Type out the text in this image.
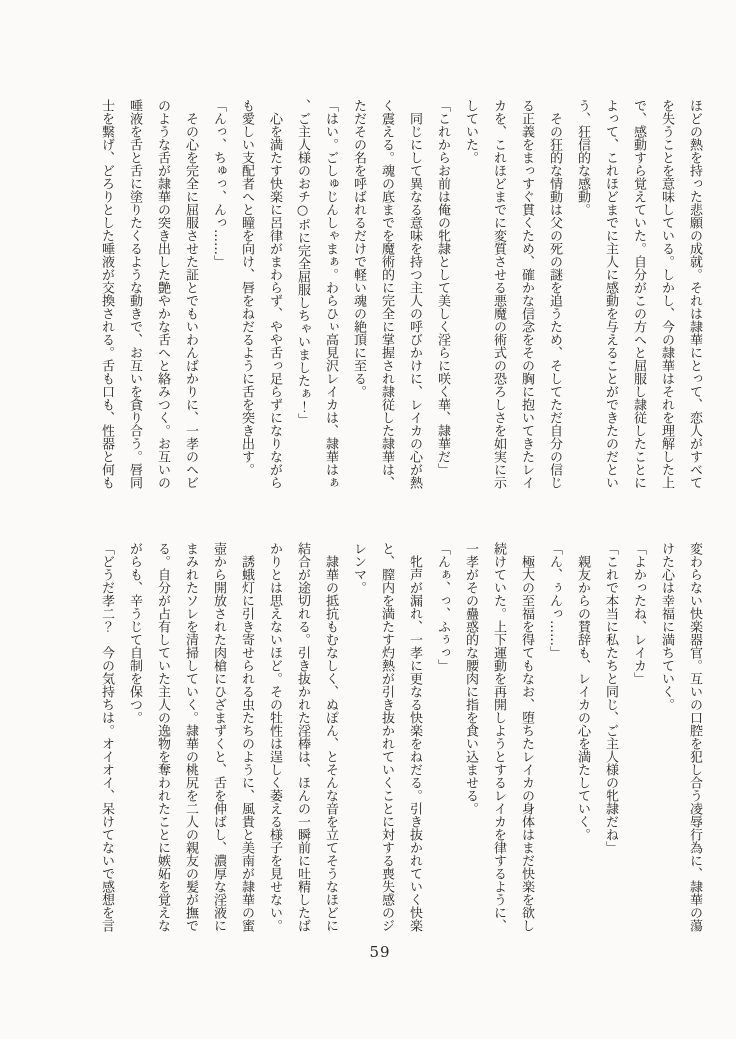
ほどの熱を持った悲願の成就。それは隷華にとって、恋人がすべてを失うことを意味している。しかし、今の隷華はそれを理解した上で、感動すら覚えていた。自分がこの方へと屈服し隷従したことによって、これほどまでに主人に感動を与えることができたのだという、狂信的な感動。

　その狂的な情動は父の死の謎を追うため、そしてただ自分の信じる正義をまっすぐ貫くため、確かな信念をその胸に抱いてきたレイカを、これほどまでに変質させる悪魔の術式の恐ろしさを如実に示していた。

「これからお前は俺の牝隷として美しく淫らに咲く華、隷華だ」

　同じにして異なる意味を持つ主人の呼びかけに、レイカの心が熱く震える。魂の底までを魔術的に完全に掌握され隷従した隷華は、ただその名を呼ばれるだけで軽い魂の絶頂に至る。

「はい。ごしゅじんしゃまぁ。わらひぃ高見沢レイカは、隷華はぁ、ご主人様のおチ○ポに完全屈服しちゃいましたぁ！」

　心を満たす快楽に呂律がまわらず、やや舌っ足らずになりながらも愛しい支配者へと瞳を向け、唇をねだるように舌を突き出す。

「んっ、ちゅっ、んっ……」

　その心を完全に屈服させた証とでもいわんばかりに、一孝のヘビのような舌が隷華の突き出した艶やかな舌へと絡みつく。お互いの唾液を舌と舌に塗りたくるような動きで、お互いを貪り合う。唇同士を繋げ、どろりとした唾液が交換される。舌も口も、性器と何も

変わらない快楽器官。互いの口腔を犯し合う凌辱行為に、隷華の蕩けた心は幸福に満ちていく。

「よかったね、レイカ」

「これで本当に私たちと同じ、ご主人様の牝隷だね」

　親友からの賛辞も、レイカの心を満たしていく。

「ん、ぅんっ……」

　極大の至福を得てもなお、堕ちたレイカの身体はまだ快楽を欲し続けていた。上下運動を再開しようとするレイカを律するように、一孝がその蠱惑的な腰肉に指を食い込ませる。

「んぁ、っ、ふぅっ」

　牝声が漏れ、一孝に更なる快楽をねだる。引き抜かれていく快楽と、膣内を満たす灼熱が引き抜かれていくことに対する喪失感のジレンマ。

　隷華の抵抗もむなしく、ぬぽん、とそんな音を立てそうなほどに結合が途切れる。引き抜かれた淫棒は、ほんの一瞬前に吐精したばかりとは思えないほど。その牡性は逞しく萎える様子を見せない。

　誘蛾灯に引き寄せられる虫たちのように、風貴と美南が隷華の蜜壺から開放された肉槍にひざまずくと、舌を伸ばし、濃厚な淫液にまみれたソレを清掃していく。隷華の桃尻を二人の親友の髪が撫でる。自分が占有していた主人の逸物を奪われたことに嫉妬を覚えながらも、辛うじて自制を保つ。

「どうだ孝二？　今の気持ちは。オイオイ、呆けてないで感想を言

59
